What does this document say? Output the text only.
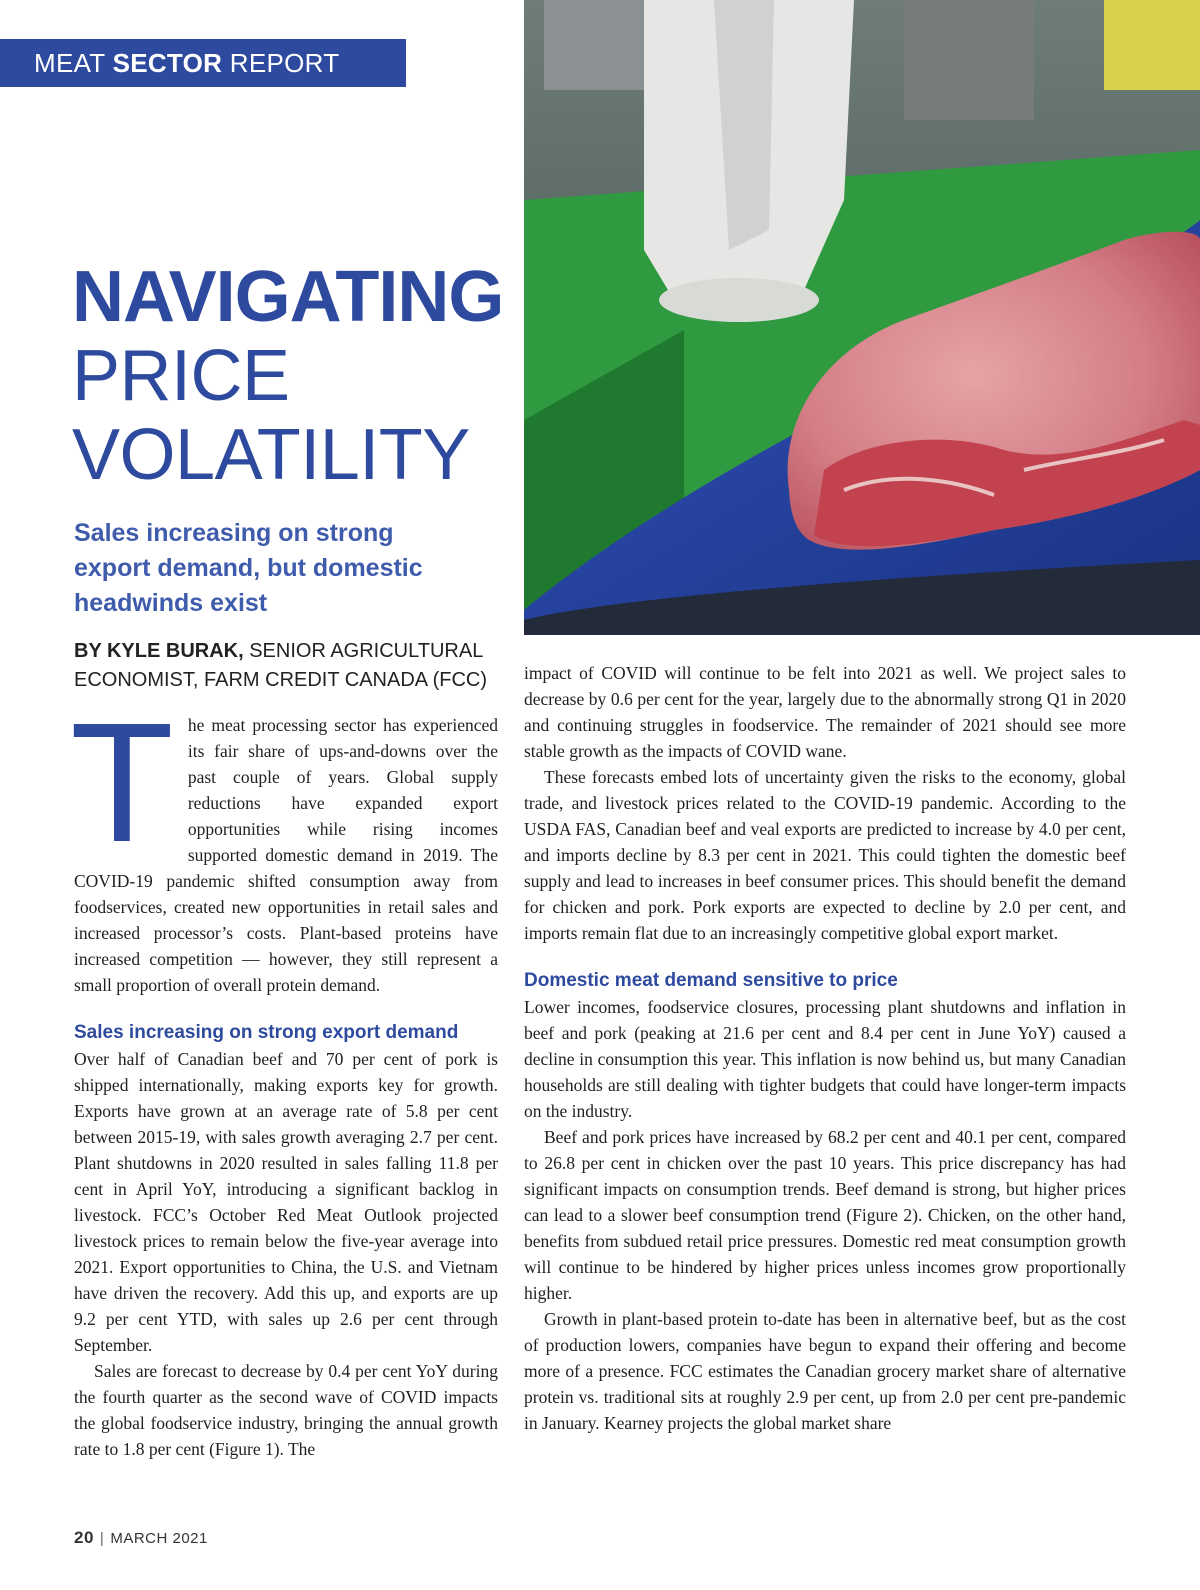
MEAT SECTOR REPORT
NAVIGATING
PRICE
VOLATILITY
Sales increasing on strong export demand, but domestic headwinds exist
BY KYLE BURAK, SENIOR AGRICULTURAL ECONOMIST, FARM CREDIT CANADA (FCC)

The meat processing sector has experienced its fair share of ups-and-downs over the past couple of years. Global supply reductions have expanded export opportunities while rising incomes supported domestic demand in 2019. The COVID-19 pandemic shifted consumption away from foodservices, created new opportunities in retail sales and increased processor’s costs. Plant-based proteins have increased competition — however, they still represent a small proportion of overall protein demand.

Sales increasing on strong export demand

Over half of Canadian beef and 70 per cent of pork is shipped internationally, making exports key for growth. Exports have grown at an average rate of 5.8 per cent between 2015-19, with sales growth averaging 2.7 per cent. Plant shutdowns in 2020 resulted in sales falling 11.8 per cent in April YoY, introducing a significant backlog in livestock. FCC’s October Red Meat Outlook projected livestock prices to remain below the five-year average into 2021. Export opportunities to China, the U.S. and Vietnam have driven the recovery. Add this up, and exports are up 9.2 per cent YTD, with sales up 2.6 per cent through September.

Sales are forecast to decrease by 0.4 per cent YoY during the fourth quarter as the second wave of COVID impacts the global foodservice industry, bringing the annual growth rate to 1.8 per cent (Figure 1). The

impact of COVID will continue to be felt into 2021 as well. We project sales to decrease by 0.6 per cent for the year, largely due to the abnormally strong Q1 in 2020 and continuing struggles in foodservice. The remainder of 2021 should see more stable growth as the impacts of COVID wane.

These forecasts embed lots of uncertainty given the risks to the economy, global trade, and livestock prices related to the COVID-19 pandemic. According to the USDA FAS, Canadian beef and veal exports are predicted to increase by 4.0 per cent, and imports decline by 8.3 per cent in 2021. This could tighten the domestic beef supply and lead to increases in beef consumer prices. This should benefit the demand for chicken and pork. Pork exports are expected to decline by 2.0 per cent, and imports remain flat due to an increasingly competitive global export market.

Domestic meat demand sensitive to price

Lower incomes, foodservice closures, processing plant shutdowns and inflation in beef and pork (peaking at 21.6 per cent and 8.4 per cent in June YoY) caused a decline in consumption this year. This inflation is now behind us, but many Canadian households are still dealing with tighter budgets that could have longer-term impacts on the industry.

Beef and pork prices have increased by 68.2 per cent and 40.1 per cent, compared to 26.8 per cent in chicken over the past 10 years. This price discrepancy has had significant impacts on consumption trends. Beef demand is strong, but higher prices can lead to a slower beef consumption trend (Figure 2). Chicken, on the other hand, benefits from subdued retail price pressures. Domestic red meat consumption growth will continue to be hindered by higher prices unless incomes grow proportionally higher.

Growth in plant-based protein to-date has been in alternative beef, but as the cost of production lowers, companies have begun to expand their offering and become more of a presence. FCC estimates the Canadian grocery market share of alternative protein vs. traditional sits at roughly 2.9 per cent, up from 2.0 per cent pre-pandemic in January. Kearney projects the global market share

20 | MARCH 2021
